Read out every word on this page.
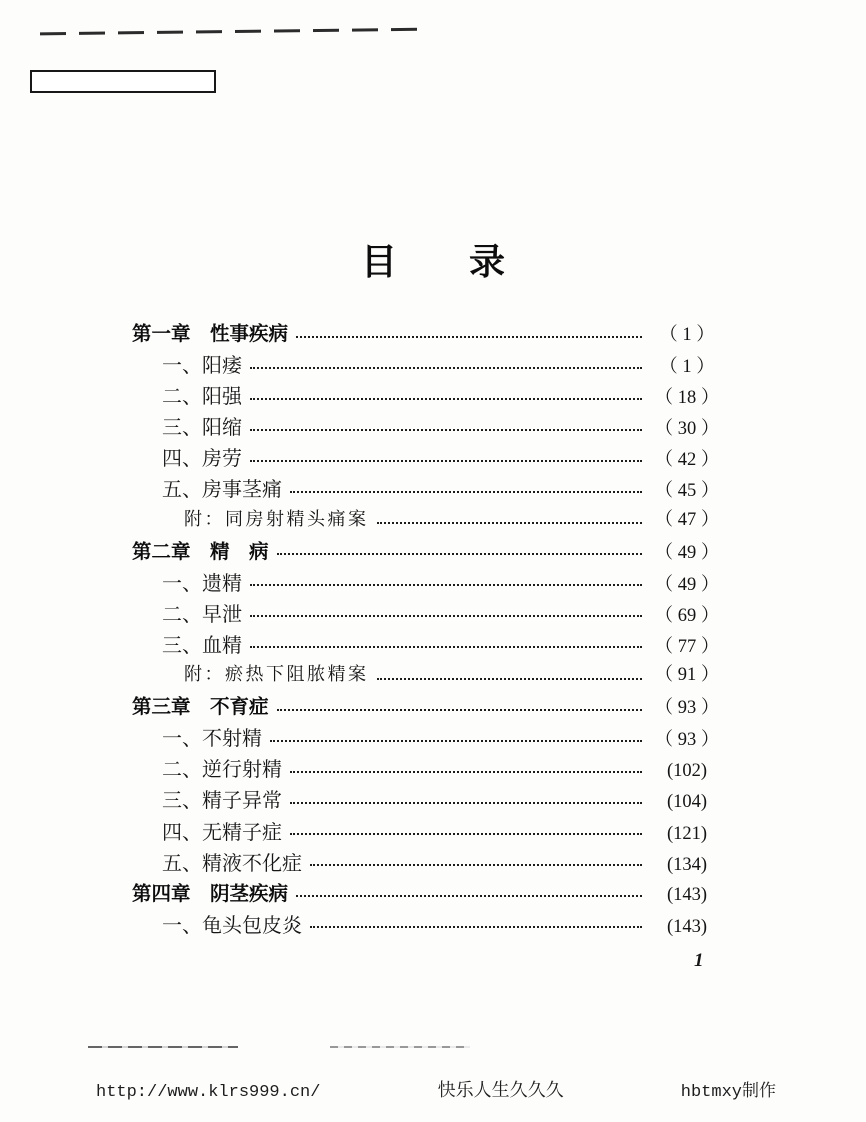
目　　录
第一章　性事疾病	（ 1 ）
一、阳痿	（ 1 ）
二、阳强	（ 18 ）
三、阳缩	（ 30 ）
四、房劳	（ 42 ）
五、房事茎痛	（ 45 ）
附：同房射精头痛案	（ 47 ）
第二章　精　病	（ 49 ）
一、遗精	（ 49 ）
二、早泄	（ 69 ）
三、血精	（ 77 ）
附：瘀热下阻脓精案	（ 91 ）
第三章　不育症	（ 93 ）
一、不射精	（ 93 ）
二、逆行射精	(102)
三、精子异常	(104)
四、无精子症	(121)
五、精液不化症	(134)
第四章　阴茎疾病	(143)
一、龟头包皮炎	(143)
1
http://www.klrs999.cn/	快乐人生久久久	hbtmxy制作
